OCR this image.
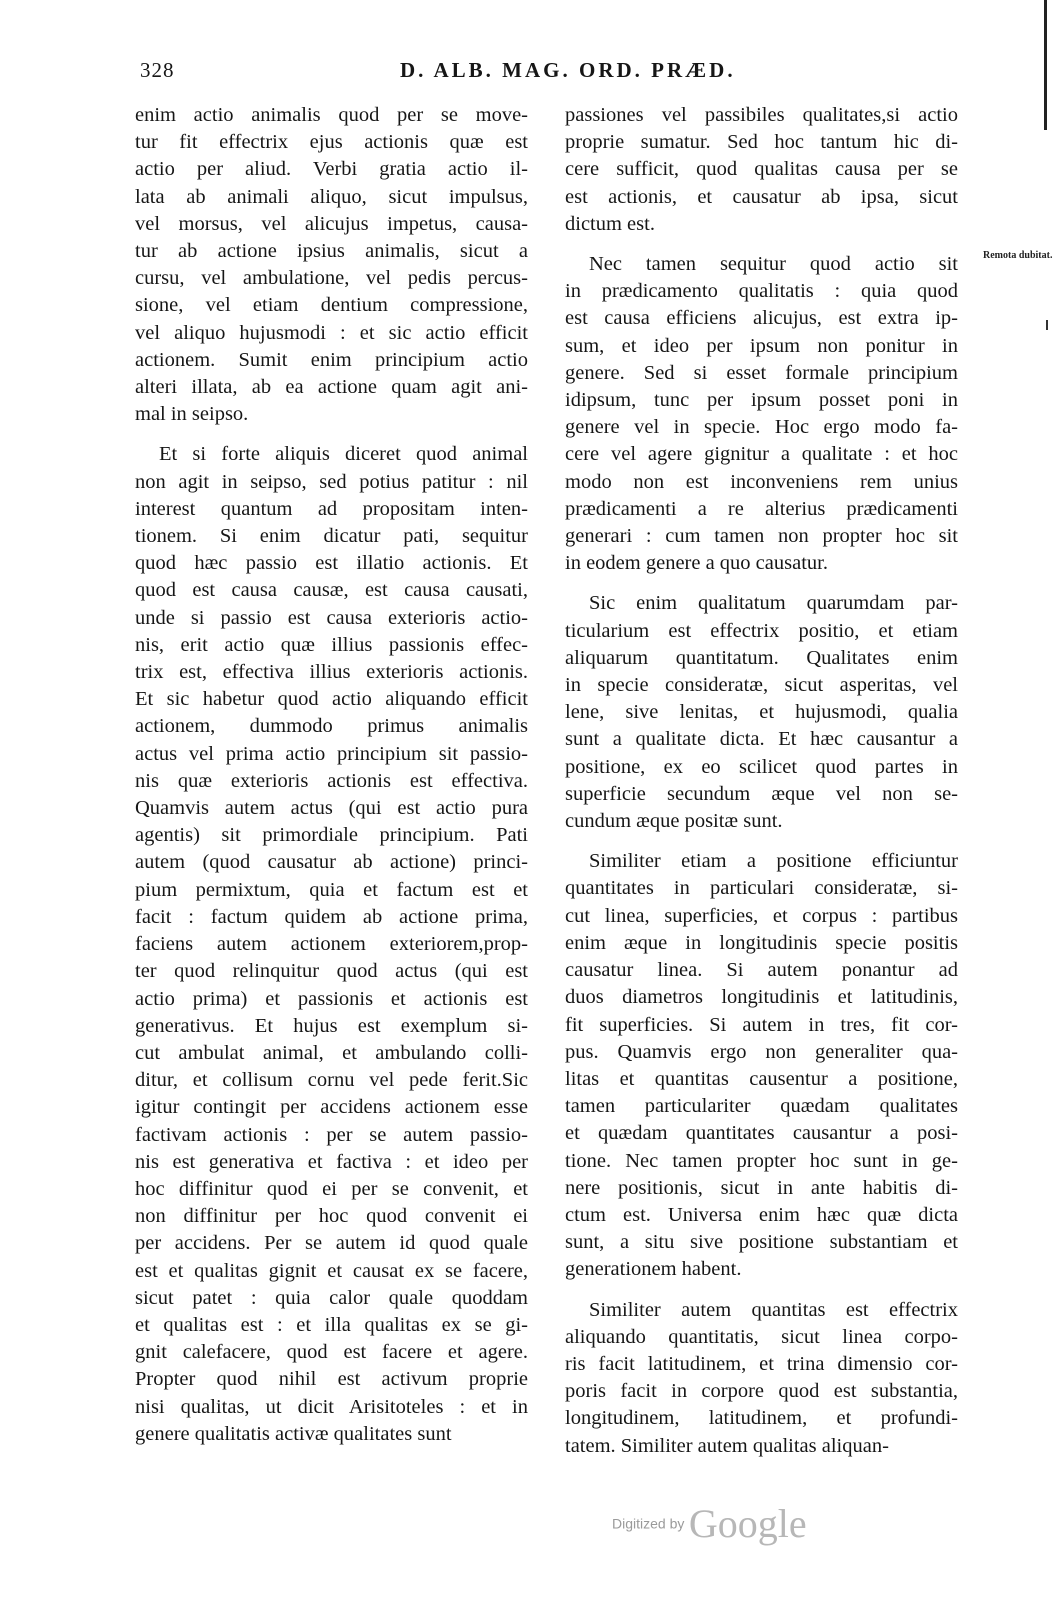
328	D. ALB. MAG. ORD. PRÆD.
Remota dubitat.

enim actio animalis quod per se move-
tur fit effectrix ejus actionis quæ est
actio per aliud. Verbi gratia actio il-
lata ab animali aliquo, sicut impulsus,
vel morsus, vel alicujus impetus, causa-
tur ab actione ipsius animalis, sicut a
cursu, vel ambulatione, vel pedis percus-
sione, vel etiam dentium compressione,
vel aliquo hujusmodi : et sic actio efficit
actionem. Sumit enim principium actio
alteri illata, ab ea actione quam agit ani-
mal in seipso.

Et si forte aliquis diceret quod animal
non agit in seipso, sed potius patitur : nil
interest quantum ad propositam inten-
tionem. Si enim dicatur pati, sequitur
quod hæc passio est illatio actionis. Et
quod est causa causæ, est causa causati,
unde si passio est causa exterioris actio-
nis, erit actio quæ illius passionis effec-
trix est, effectiva illius exterioris actionis.
Et sic habetur quod actio aliquando efficit
actionem, dummodo primus animalis
actus vel prima actio principium sit passio-
nis quæ exterioris actionis est effectiva.
Quamvis autem actus (qui est actio pura
agentis) sit primordiale principium. Pati
autem (quod causatur ab actione) princi-
pium permixtum, quia et factum est et
facit : factum quidem ab actione prima,
faciens autem actionem exteriorem,prop-
ter quod relinquitur quod actus (qui est
actio prima) et passionis et actionis est
generativus. Et hujus est exemplum si-
cut ambulat animal, et ambulando colli-
ditur, et collisum cornu vel pede ferit.Sic
igitur contingit per accidens actionem esse
factivam actionis : per se autem passio-
nis est generativa et factiva : et ideo per
hoc diffinitur quod ei per se convenit, et
non diffinitur per hoc quod convenit ei
per accidens. Per se autem id quod quale
est et qualitas gignit et causat ex se facere,
sicut patet : quia calor quale quoddam
et qualitas est : et illa qualitas ex se gi-
gnit calefacere, quod est facere et agere.
Propter quod nihil est activum proprie
nisi qualitas, ut dicit Arisitoteles : et in
genere qualitatis activæ qualitates sunt

passiones vel passibiles qualitates,si actio
proprie sumatur. Sed hoc tantum hic di-
cere sufficit, quod qualitas causa per se
est actionis, et causatur ab ipsa, sicut
dictum est.

Nec tamen sequitur quod actio sit
in prædicamento qualitatis : quia quod
est causa efficiens alicujus, est extra ip-
sum, et ideo per ipsum non ponitur in
genere. Sed si esset formale principium
idipsum, tunc per ipsum posset poni in
genere vel in specie. Hoc ergo modo fa-
cere vel agere gignitur a qualitate : et hoc
modo non est inconveniens rem unius
prædicamenti a re alterius prædicamenti
generari : cum tamen non propter hoc sit
in eodem genere a quo causatur.

Sic enim qualitatum quarumdam par-
ticularium est effectrix positio, et etiam
aliquarum quantitatum. Qualitates enim
in specie consideratæ, sicut asperitas, vel
lene, sive lenitas, et hujusmodi, qualia
sunt a qualitate dicta. Et hæc causantur a
positione, ex eo scilicet quod partes in
superficie secundum æque vel non se-
cundum æque positæ sunt.

Similiter etiam a positione efficiuntur
quantitates in particulari consideratæ, si-
cut linea, superficies, et corpus : partibus
enim æque in longitudinis specie positis
causatur linea. Si autem ponantur ad
duos diametros longitudinis et latitudinis,
fit superficies. Si autem in tres, fit cor-
pus. Quamvis ergo non generaliter qua-
litas et quantitas causentur a positione,
tamen particulariter quædam qualitates
et quædam quantitates causantur a posi-
tione. Nec tamen propter hoc sunt in ge-
nere positionis, sicut in ante habitis di-
ctum est. Universa enim hæc quæ dicta
sunt, a situ sive positione substantiam et
generationem habent.

Similiter autem quantitas est effectrix
aliquando quantitatis, sicut linea corpo-
ris facit latitudinem, et trina dimensio cor-
poris facit in corpore quod est substantia,
longitudinem, latitudinem, et profundi-
tatem. Similiter autem qualitas aliquan-

Digitized by Google
